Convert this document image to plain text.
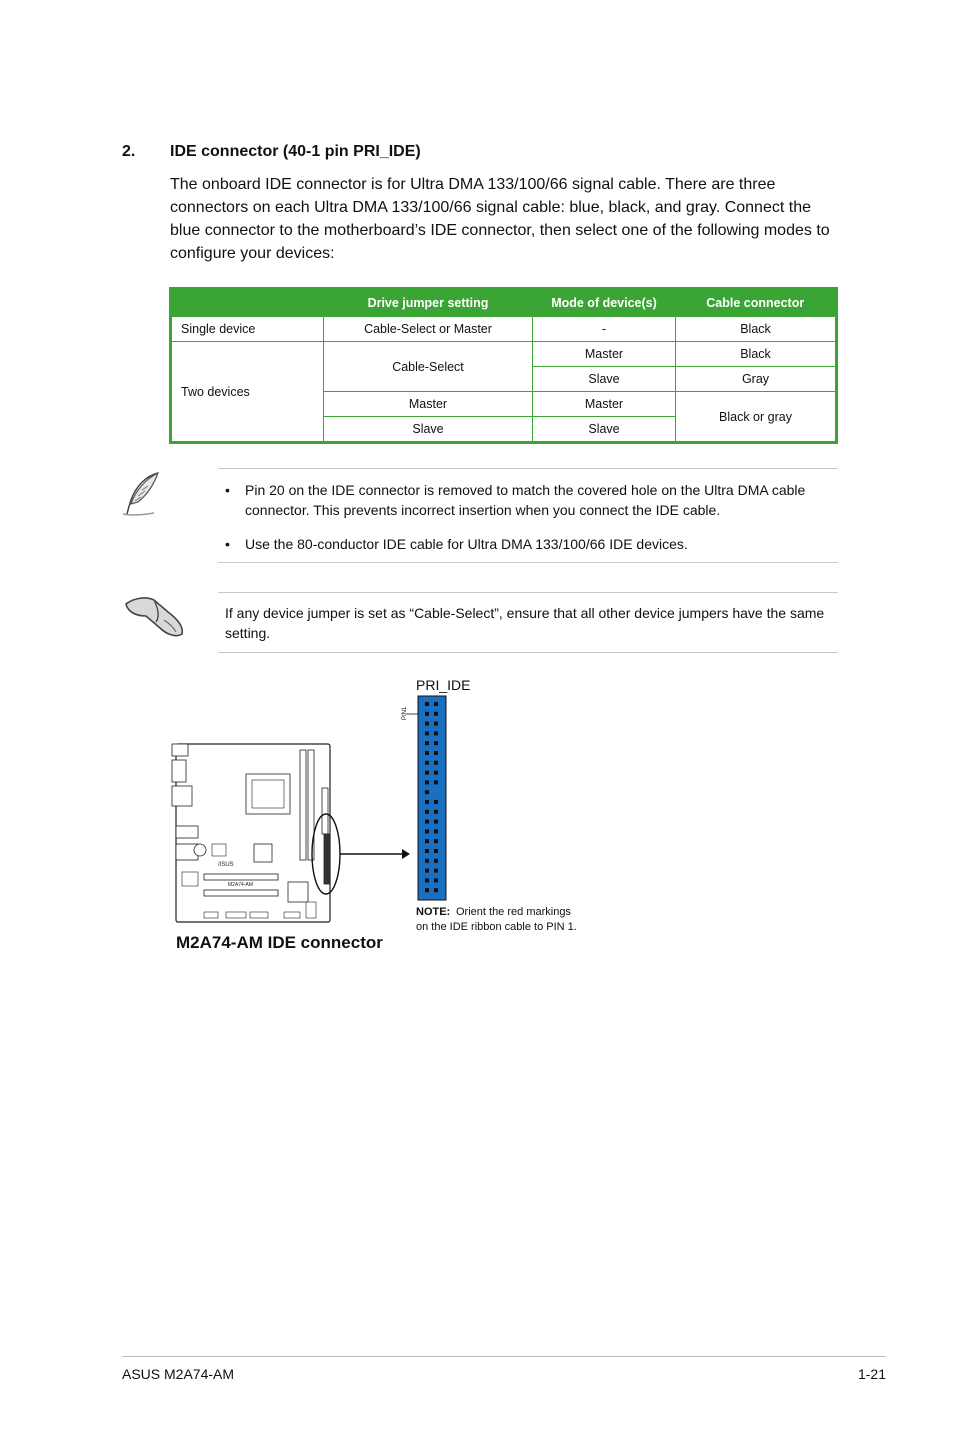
2. IDE connector (40-1 pin PRI_IDE)
The onboard IDE connector is for Ultra DMA 133/100/66 signal cable. There are three connectors on each Ultra DMA 133/100/66 signal cable: blue, black, and gray. Connect the blue connector to the motherboard’s IDE connector, then select one of the following modes to configure your devices:
	Drive jumper setting	Mode of device(s)	Cable connector
Single device	Cable-Select or Master	-	Black
Two devices	Cable-Select	Master	Black
		Slave	Gray
	Master	Master	Black or gray
	Slave	Slave	
• Pin 20 on the IDE connector is removed to match the covered hole on the Ultra DMA cable connector. This prevents incorrect insertion when you connect the IDE cable.
• Use the 80-conductor IDE cable for Ultra DMA 133/100/66 IDE devices.
If any device jumper is set as “Cable-Select”, ensure that all other device jumpers have the same setting.
/ISUS
M2A74-AM
PRI_IDE
PIN1
NOTE: Orient the red markings
on the IDE ribbon cable to PIN 1.
M2A74-AM IDE connector
ASUS M2A74-AM	1-21
